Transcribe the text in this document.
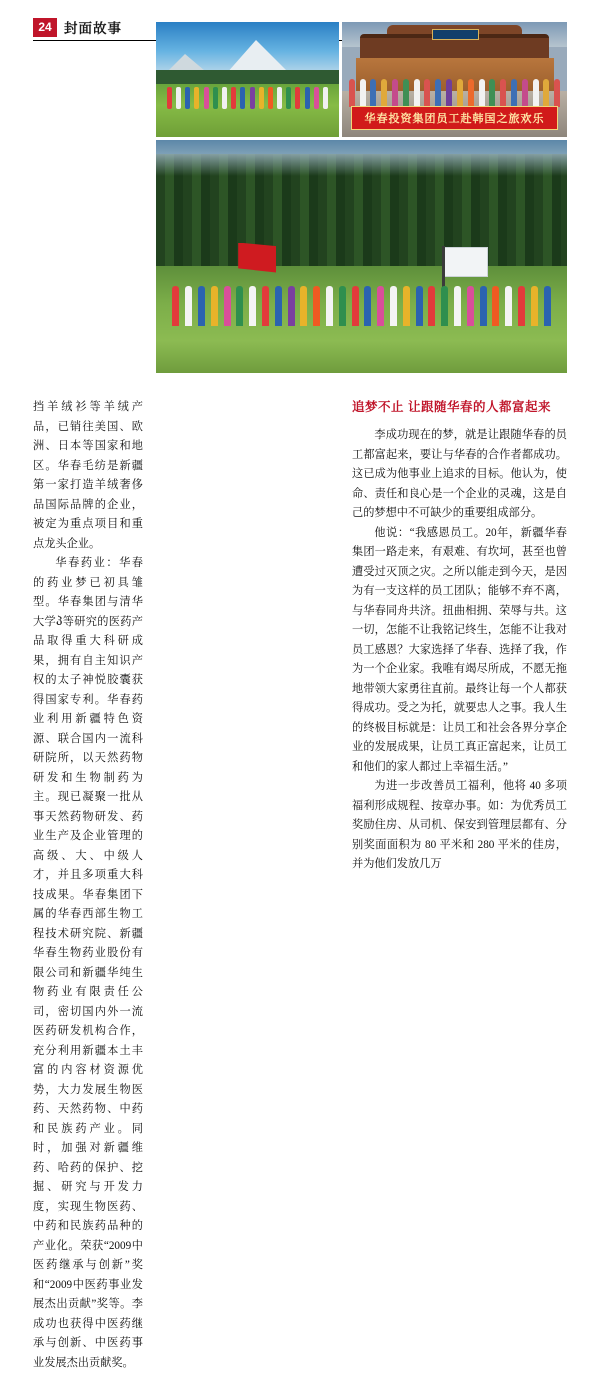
24 封面故事
华春投资集团员工赴韩国之旅欢乐

挡羊绒衫等羊绒产品，已销往美国、欧洲、日本等国家和地区。华春毛纺是新疆第一家打造羊绒奢侈品国际品牌的企业，被定为重点项目和重点龙头企业。

华春药业：华春的药业梦已初具雏型。华春集团与清华大学პ等研究的医药产品取得重大科研成果，拥有自主知识产权的太子神悦胶囊获得国家专利。华春药业利用新疆特色资源、联合国内一流科研院所，以天然药物研发和生物制药为主。现已凝聚一批从事天然药物研发、药业生产及企业管理的高级、大、中级人才，并且多项重大科技成果。华春集团下属的华春西部生物工程技术研究院、新疆华春生物药业股份有限公司和新疆华纯生物药业有限责任公司，密切国内外一流医药研发机构合作，充分利用新疆本土丰富的内容材资源优势，大力发展生物医药、天然药物、中药和民族药产业。同时，加强对新疆维药、哈药的保护、挖掘、研究与开发力度，实现生物医药、中药和民族药品种的产业化。荣获“2009中医药继承与创新”奖和“2009中医药事业发展杰出贡献”奖等。李成功也获得中医药继承与创新、中医药事业发展杰出贡献奖。

追梦不止 让跟随华春的人都富起来

李成功现在的梦，就是让跟随华春的员工都富起来，要让与华春的合作者都成功。这已成为他事业上追求的目标。他认为，使命、责任和良心是一个企业的灵魂，这是自己的梦想中不可缺少的重要组成部分。

他说：“我感恩员工。20年，新疆华春集团一路走来，有艰难、有坎坷，甚至也曾遭受过灭顶之灾。之所以能走到今天，是因为有一支这样的员工团队；能够不弃不离，与华春同舟共济。扭曲相拥、荣辱与共。这一切，怎能不让我铭记终生，怎能不让我对员工感恩？大家选择了华春、选择了我，作为一个企业家。我唯有竭尽所成，不愿无拖地带领大家勇往直前。最终让每一个人都获得成功。受之为托，就要忠人之事。我人生的终极目标就是：让员工和社会各界分享企业的发展成果，让员工真正富起来，让员工和他们的家人都过上幸福生活。”

为进一步改善员工福利，他将 40 多项福利形成规程、按章办事。如：为优秀员工奖励住房、从司机、保安到管理层都有、分别奖面面积为 80 平米和 280 平米的佳房，并为他们发放几万
